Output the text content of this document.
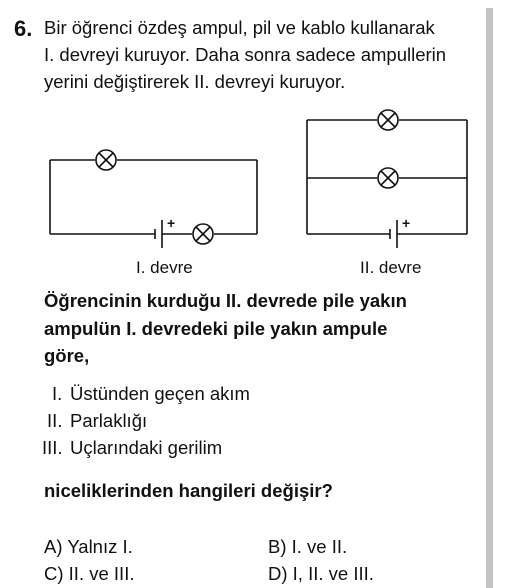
6. Bir öğrenci özdeş ampul, pil ve kablo kullanarak
I. devreyi kuruyor. Daha sonra sadece ampullerin
yerini değiştirerek II. devreyi kuruyor.
+	+
I. devre	II. devre
Öğrencinin kurduğu II. devrede pile yakın
ampulün I. devredeki pile yakın ampule
göre,
I. Üstünden geçen akım
II. Parlaklığı
III. Uçlarındaki gerilim
niceliklerinden hangileri değişir?
A) Yalnız I.	B) I. ve II.
C) II. ve III.	D) I, II. ve III.
